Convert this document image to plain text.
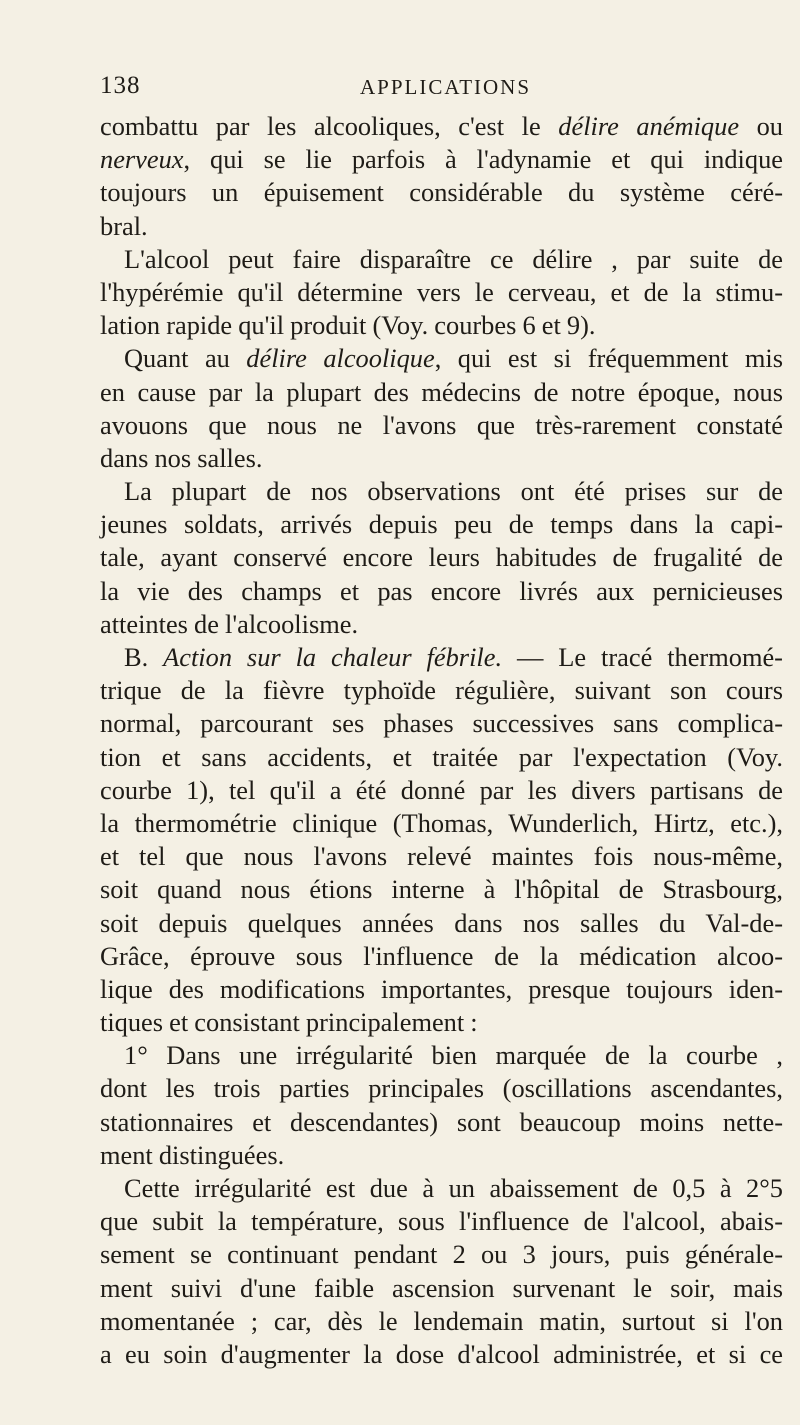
138	APPLICATIONS
combattu par les alcooliques, c'est le délire anémique ou
nerveux, qui se lie parfois à l'adynamie et qui indique
toujours un épuisement considérable du système céré-
bral.
L'alcool peut faire disparaître ce délire , par suite de
l'hypérémie qu'il détermine vers le cerveau, et de la stimu-
lation rapide qu'il produit (Voy. courbes 6 et 9).
Quant au délire alcoolique, qui est si fréquemment mis
en cause par la plupart des médecins de notre époque, nous
avouons que nous ne l'avons que très-rarement constaté
dans nos salles.
La plupart de nos observations ont été prises sur de
jeunes soldats, arrivés depuis peu de temps dans la capi-
tale, ayant conservé encore leurs habitudes de frugalité de
la vie des champs et pas encore livrés aux pernicieuses
atteintes de l'alcoolisme.
B. Action sur la chaleur fébrile. — Le tracé thermomé-
trique de la fièvre typhoïde régulière, suivant son cours
normal, parcourant ses phases successives sans complica-
tion et sans accidents, et traitée par l'expectation (Voy.
courbe 1), tel qu'il a été donné par les divers partisans de
la thermométrie clinique (Thomas, Wunderlich, Hirtz, etc.),
et tel que nous l'avons relevé maintes fois nous-même,
soit quand nous étions interne à l'hôpital de Strasbourg,
soit depuis quelques années dans nos salles du Val-de-
Grâce, éprouve sous l'influence de la médication alcoo-
lique des modifications importantes, presque toujours iden-
tiques et consistant principalement :
1° Dans une irrégularité bien marquée de la courbe ,
dont les trois parties principales (oscillations ascendantes,
stationnaires et descendantes) sont beaucoup moins nette-
ment distinguées.
Cette irrégularité est due à un abaissement de 0,5 à 2°5
que subit la température, sous l'influence de l'alcool, abais-
sement se continuant pendant 2 ou 3 jours, puis générale-
ment suivi d'une faible ascension survenant le soir, mais
momentanée ; car, dès le lendemain matin, surtout si l'on
a eu soin d'augmenter la dose d'alcool administrée, et si ce
